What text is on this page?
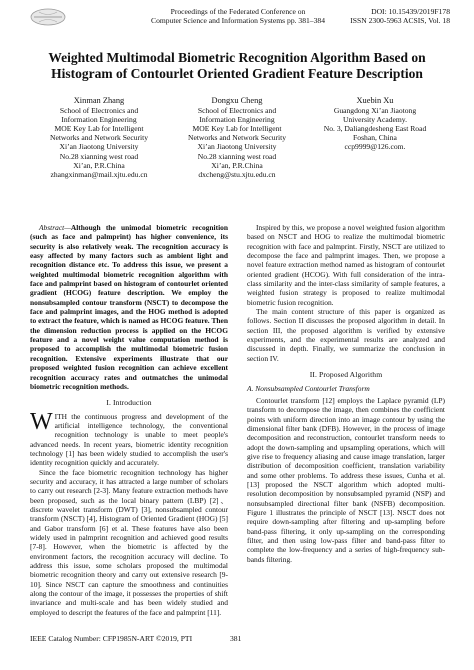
Proceedings of the Federated Conference on
Computer Science and Information Systems pp. 381–384
DOI: 10.15439/2019F178
ISSN 2300-5963 ACSIS, Vol. 18
Weighted Multimodal Biometric Recognition Algorithm Based on
Histogram of Contourlet Oriented Gradient Feature Description
Xinman Zhang
School of Electronics and
Information Engineering
MOE Key Lab for Intelligent
Networks and Network Security
Xi’an Jiaotong University
No.28 xianning west road
Xi’an, P.R.China
zhangxinman@mail.xjtu.edu.cn
Dongxu Cheng
School of Electronics and
Information Engineering
MOE Key Lab for Intelligent
Networks and Network Security
Xi’an Jiaotong University
No.28 xianning west road
Xi’an, P.R.China
dxcheng@stu.xjtu.edu.cn
Xuebin Xu
Guangdong Xi’an Jiaotong
University Academy.
No. 3, Daliangdesheng East Road
Foshan, China
ccp9999@126.com.

Abstract—Although the unimodal biometric recognition (such as face and palmprint) has higher convenience, its security is also relatively weak. The recognition accuracy is easy affected by many factors such as ambient light and recognition distance etc. To address this issue, we present a weighted multimodal biometric recognition algorithm with face and palmprint based on histogram of contourlet oriented gradient (HCOG) feature description. We employ the nonsubsampled contour transform (NSCT) to decompose the face and palmprint images, and the HOG method is adopted to extract the feature, which is named as HCOG feature. Then the dimension reduction process is applied on the HCOG feature and a novel weight value computation method is proposed to accomplish the multimodal biometric fusion recognition. Extensive experiments illustrate that our proposed weighted fusion recognition can achieve excellent recognition accuracy rates and outmatches the unimodal biometric recognition methods.

I. Introduction

WITH the continuous progress and development of the artificial intelligence technology, the conventional recognition technology is unable to meet people's advanced needs. In recent years, biometric identity recognition technology [1] has been widely studied to accomplish the user's identity recognition quickly and accurately.

Since the face biometric recognition technology has higher security and accuracy, it has attracted a large number of scholars to carry out research [2-3]. Many feature extraction methods have been proposed, such as the local binary pattern (LBP) [2]、discrete wavelet transform (DWT) [3], nonsubsampled contour transform (NSCT) [4], Histogram of Oriented Gradient (HOG) [5] and Gabor transform [6] et al. These features have also been widely used in palmprint recognition and achieved good results [7-8]. However, when the biometric is affected by the environment factors, the recognition accuracy will decline. To address this issue, some scholars proposed the multimodal biometric recognition theory and carry out extensive research [9-10]. Since NSCT can capture the smoothness and continuities along the contour of the image, it possesses the properties of shift invariance and multi-scale and has been widely studied and employed to descript the features of the face and palmprint [11].

Inspired by this, we propose a novel weighted fusion algorithm based on NSCT and HOG to realize the multimodal biometric recognition with face and palmprint. Firstly, NSCT are utilized to decompose the face and palmprint images. Then, we propose a novel feature extraction method named as histogram of contourlet oriented gradient (HCOG). With full consideration of the intra-class similarity and the inter-class similarity of sample features, a weighted fusion strategy is proposed to realize multimodal biometric fusion recognition.

The main content structure of this paper is organized as follows. Section II discusses the proposed algorithm in detail. In section III, the proposed algorithm is verified by extensive experiments, and the experimental results are analyzed and discussed in depth. Finally, we summarize the conclusion in section IV.

II. Proposed Algorithm
A. Nonsubsampled Contourlet Transform

Contourlet transform [12] employs the Laplace pyramid (LP) transform to decompose the image, then combines the coefficient points with uniform direction into an image contour by using the dimensional filter bank (DFB). However, in the process of image decomposition and reconstruction, contourlet transform needs to adopt the down-sampling and upsampling operations, which will give rise to frequency aliasing and cause image translation, larger distribution of decomposition coefficient, translation variability and some other problems. To address these issues, Cunha et al. [13] proposed the NSCT algorithm which adopted multi-resolution decomposition by nonsubsampled pyramid (NSP) and nonsubsampled directional filter bank (NSFB) decomposition. Figure 1 illustrates the principle of NSCT [13]. NSCT does not require down-sampling after filtering and up-sampling before band-pass filtering, it only up-sampling on the corresponding filter, and then using low-pass filter and band-pass filter to complete the low-frequency and a series of high-frequency sub-bands filtering.

IEEE Catalog Number: CFP1985N-ART ©2019, PTI	381
